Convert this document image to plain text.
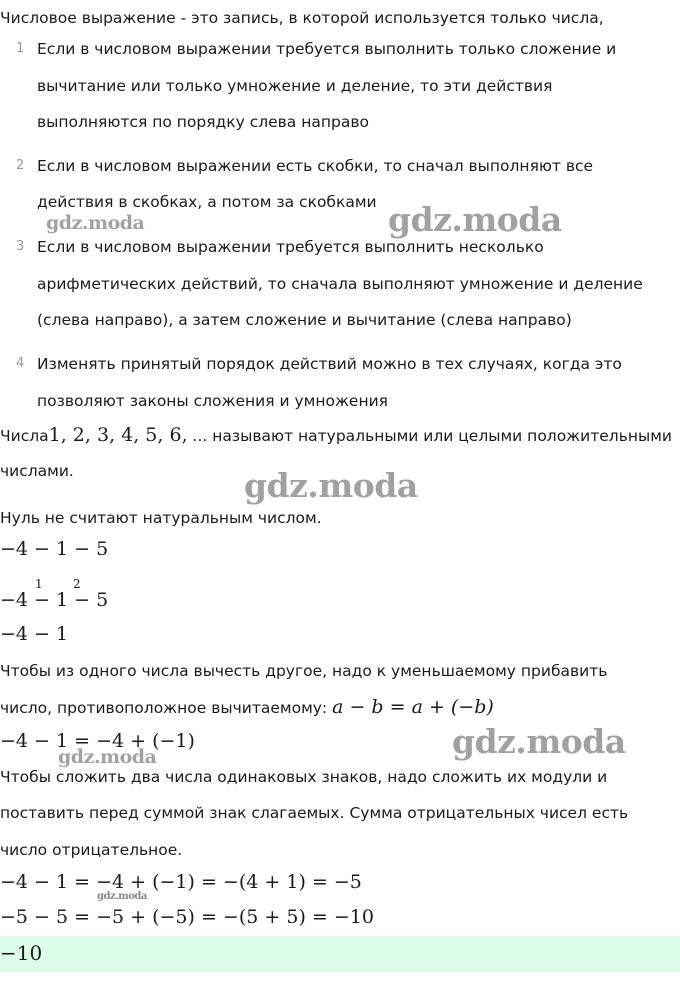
Числовое выражение - это запись, в которой используется только числа,
1 Если в числовом выражении требуется выполнить только сложение и
вычитание или только умножение и деление, то эти действия
выполняются по порядку слева направо
2 Если в числовом выражении есть скобки, то сначал выполняют все
действия в скобках, а потом за скобками
3 Если в числовом выражении требуется выполнить несколько
арифметических действий, то сначала выполняют умножение и деление
(слева направо), а затем сложение и вычитание (слева направо)
4 Изменять принятый порядок действий можно в тех случаях, когда это
позволяют законы сложения и умножения
Числа1, 2, 3, 4, 5, 6, ... называют натуральными или целыми положительными
числами.
Нуль не считают натуральным числом.
−4 − 1 − 5
−4 − 1 − 5
1	2
−4 − 1
Чтобы из одного числа вычесть другое, надо к уменьшаемому прибавить
число, противоположное вычитаемому: a − b = a + (−b)
−4 − 1 = −4 + (−1)
Чтобы сложить два числа одинаковых знаков, надо сложить их модули и
поставить перед суммой знак слагаемых. Сумма отрицательных чисел есть
число отрицательное.
−4 − 1 = −4 + (−1) = −(4 + 1) = −5
−5 − 5 = −5 + (−5) = −(5 + 5) = −10
−10
gdz.moda	gdz.moda
gdz.moda
gdz.moda
gdz.moda
gdz.moda
